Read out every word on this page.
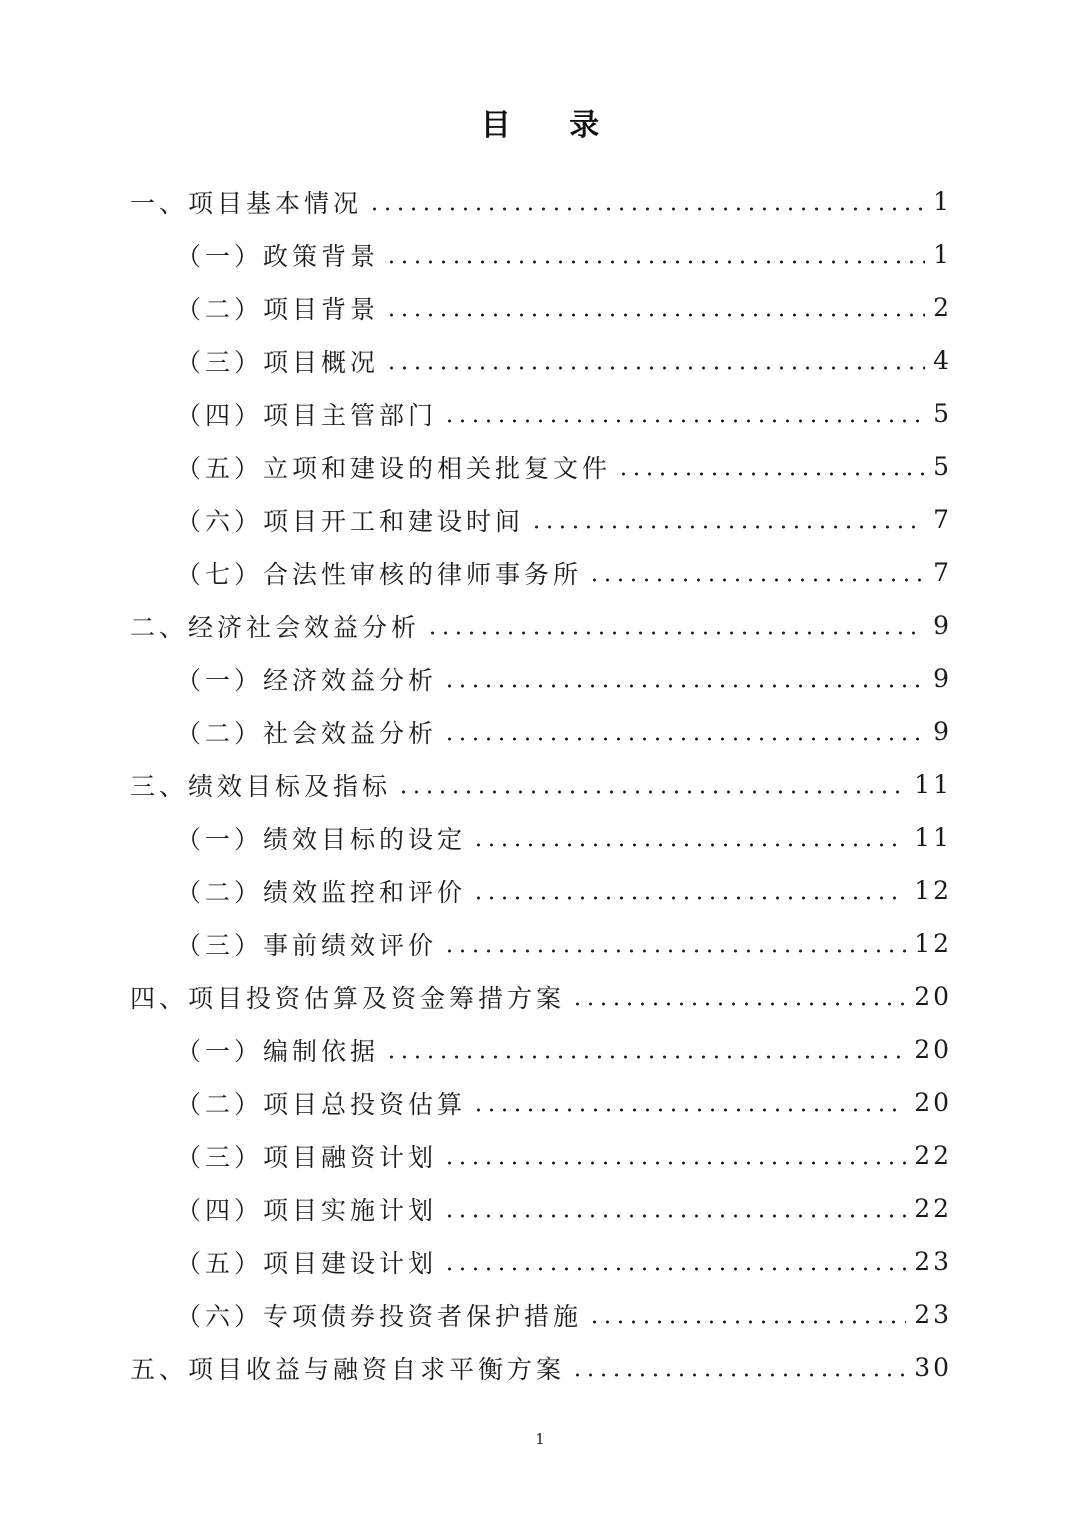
目 录
一、项目基本情况	1
（一）政策背景	1
（二）项目背景	2
（三）项目概况	4
（四）项目主管部门	5
（五）立项和建设的相关批复文件	5
（六）项目开工和建设时间	7
（七）合法性审核的律师事务所	7
二、经济社会效益分析	9
（一）经济效益分析	9
（二）社会效益分析	9
三、绩效目标及指标	11
（一）绩效目标的设定	11
（二）绩效监控和评价	12
（三）事前绩效评价	12
四、项目投资估算及资金筹措方案	20
（一）编制依据	20
（二）项目总投资估算	20
（三）项目融资计划	22
（四）项目实施计划	22
（五）项目建设计划	23
（六）专项债券投资者保护措施	23
五、项目收益与融资自求平衡方案	30
1
